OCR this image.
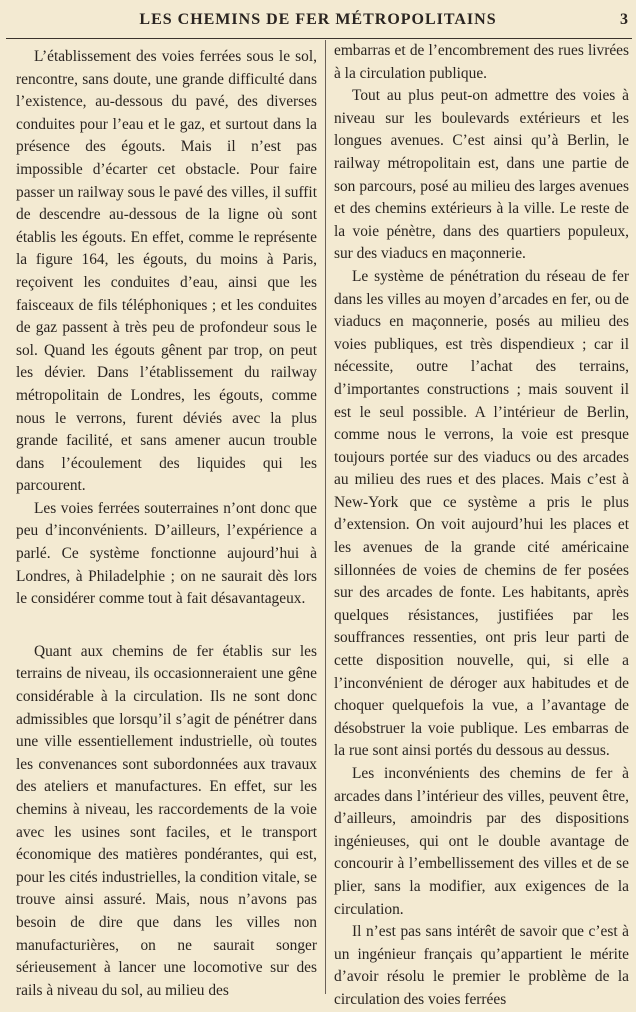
LES CHEMINS DE FER MÉTROPOLITAINS	3

L’établissement des voies ferrées sous le sol, rencontre, sans doute, une grande difficulté dans l’existence, au-dessous du pavé, des diverses conduites pour l’eau et le gaz, et surtout dans la présence des égouts. Mais il n’est pas impossible d’écarter cet obstacle. Pour faire passer un railway sous le pavé des villes, il suffit de descendre au-dessous de la ligne où sont établis les égouts. En effet, comme le représente la figure 164, les égouts, du moins à Paris, reçoivent les conduites d’eau, ainsi que les faisceaux de fils téléphoniques ; et les conduites de gaz passent à très peu de profondeur sous le sol. Quand les égouts gênent par trop, on peut les dévier. Dans l’établissement du railway métropolitain de Londres, les égouts, comme nous le verrons, furent déviés avec la plus grande facilité, et sans amener aucun trouble dans l’écoulement des liquides qui les parcourent.

Les voies ferrées souterraines n’ont donc que peu d’inconvénients. D’ailleurs, l’expérience a parlé. Ce système fonctionne aujourd’hui à Londres, à Philadelphie ; on ne saurait dès lors le considérer comme tout à fait désavantageux.

Quant aux chemins de fer établis sur les terrains de niveau, ils occasionneraient une gêne considérable à la circulation. Ils ne sont donc admissibles que lorsqu’il s’agit de pénétrer dans une ville essentiellement industrielle, où toutes les convenances sont subordonnées aux travaux des ateliers et manufactures. En effet, sur les chemins à niveau, les raccordements de la voie avec les usines sont faciles, et le transport économique des matières pondérantes, qui est, pour les cités industrielles, la condition vitale, se trouve ainsi assuré. Mais, nous n’avons pas besoin de dire que dans les villes non manufacturières, on ne saurait songer sérieusement à lancer une locomotive sur des rails à niveau du sol, au milieu des

embarras et de l’encombrement des rues livrées à la circulation publique.

Tout au plus peut-on admettre des voies à niveau sur les boulevards extérieurs et les longues avenues. C’est ainsi qu’à Berlin, le railway métropolitain est, dans une partie de son parcours, posé au milieu des larges avenues et des chemins extérieurs à la ville. Le reste de la voie pénètre, dans des quartiers populeux, sur des viaducs en maçonnerie.

Le système de pénétration du réseau de fer dans les villes au moyen d’arcades en fer, ou de viaducs en maçonnerie, posés au milieu des voies publiques, est très dispendieux ; car il nécessite, outre l’achat des terrains, d’importantes constructions ; mais souvent il est le seul possible. A l’intérieur de Berlin, comme nous le verrons, la voie est presque toujours portée sur des viaducs ou des arcades au milieu des rues et des places. Mais c’est à New-York que ce système a pris le plus d’extension. On voit aujourd’hui les places et les avenues de la grande cité américaine sillonnées de voies de chemins de fer posées sur des arcades de fonte. Les habitants, après quelques résistances, justifiées par les souffrances ressenties, ont pris leur parti de cette disposition nouvelle, qui, si elle a l’inconvénient de déroger aux habitudes et de choquer quelquefois la vue, a l’avantage de désobstruer la voie publique. Les embarras de la rue sont ainsi portés du dessous au dessus.

Les inconvénients des chemins de fer à arcades dans l’intérieur des villes, peuvent être, d’ailleurs, amoindris par des dispositions ingénieuses, qui ont le double avantage de concourir à l’embellissement des villes et de se plier, sans la modifier, aux exigences de la circulation.

Il n’est pas sans intérêt de savoir que c’est à un ingénieur français qu’appartient le mérite d’avoir résolu le premier le problème de la circulation des voies ferrées
